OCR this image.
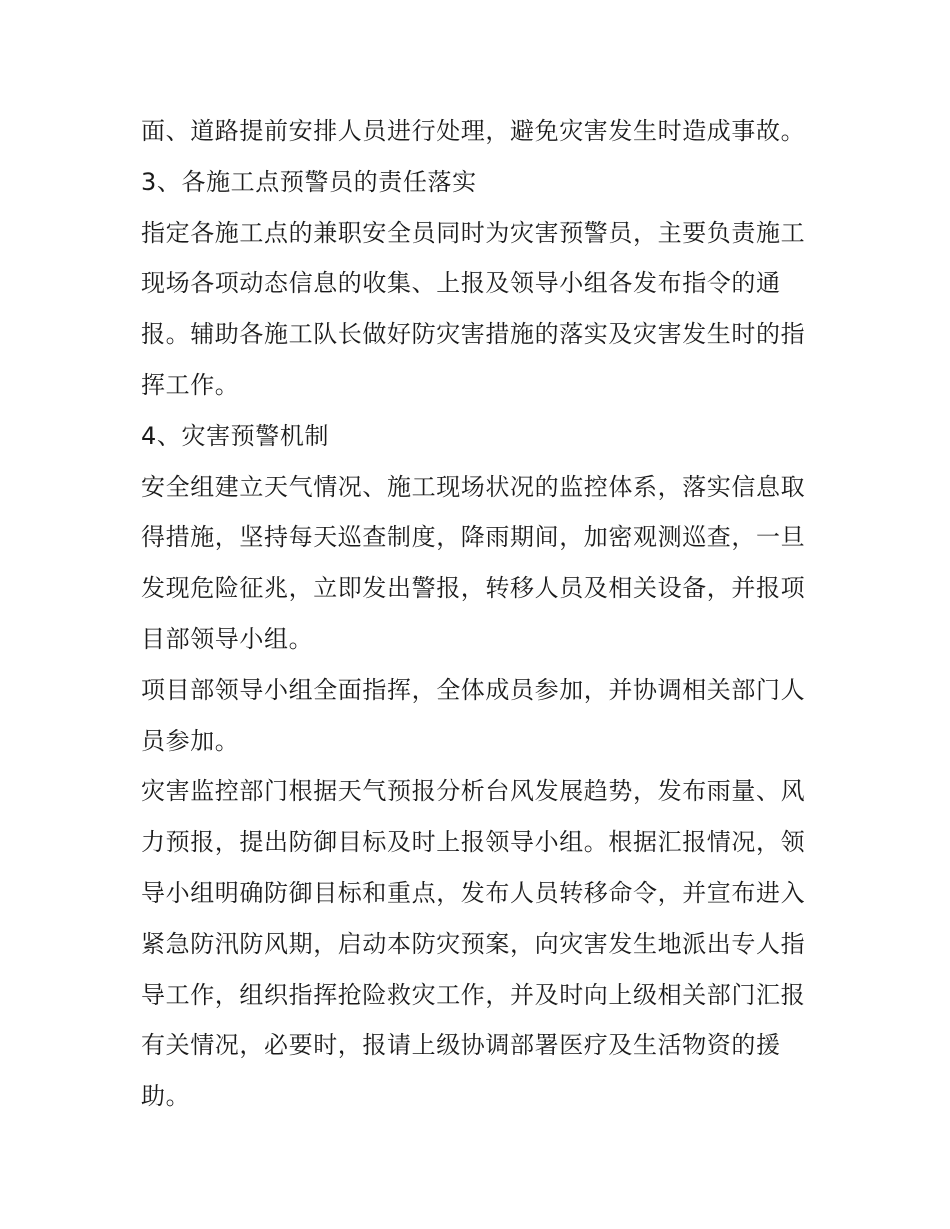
面、道路提前安排人员进行处理，避免灾害发生时造成事故。
3、各施工点预警员的责任落实
指定各施工点的兼职安全员同时为灾害预警员，主要负责施工
现场各项动态信息的收集、上报及领导小组各发布指令的通
报。辅助各施工队长做好防灾害措施的落实及灾害发生时的指
挥工作。
4、灾害预警机制
安全组建立天气情况、施工现场状况的监控体系，落实信息取
得措施，坚持每天巡查制度，降雨期间，加密观测巡查，一旦
发现危险征兆，立即发出警报，转移人员及相关设备，并报项
目部领导小组。
项目部领导小组全面指挥，全体成员参加，并协调相关部门人
员参加。
灾害监控部门根据天气预报分析台风发展趋势，发布雨量、风
力预报，提出防御目标及时上报领导小组。根据汇报情况，领
导小组明确防御目标和重点，发布人员转移命令，并宣布进入
紧急防汛防风期，启动本防灾预案，向灾害发生地派出专人指
导工作，组织指挥抢险救灾工作，并及时向上级相关部门汇报
有关情况，必要时，报请上级协调部署医疗及生活物资的援
助。
